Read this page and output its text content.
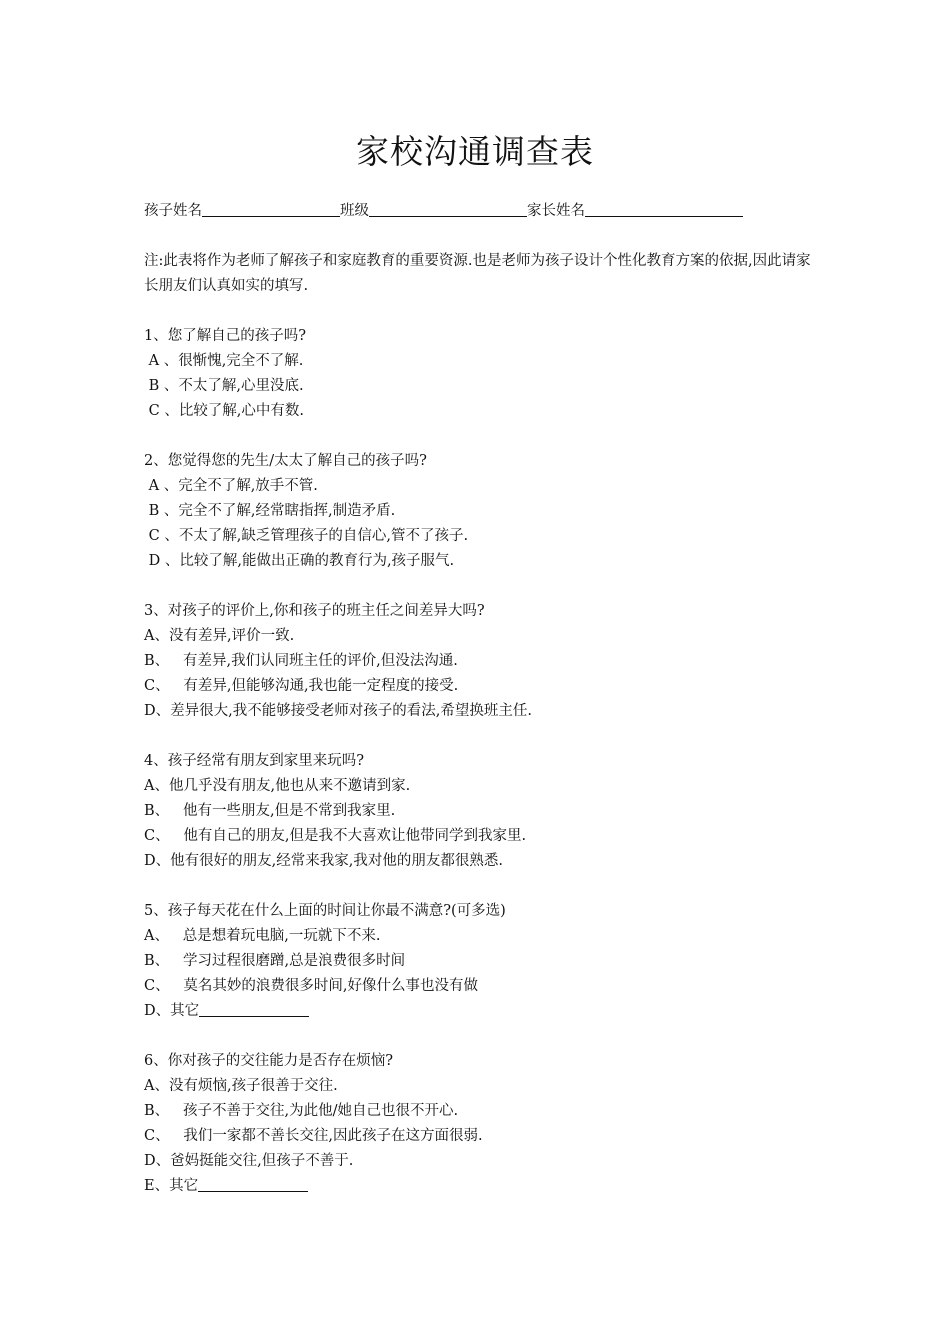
家校沟通调查表
孩子姓名	班级	家长姓名
注:此表将作为老师了解孩子和家庭教育的重要资源.也是老师为孩子设计个性化教育方案的依据,因此请家长朋友们认真如实的填写.
1、您了解自己的孩子吗?
A 、很惭愧,完全不了解.
B 、不太了解,心里没底.
C 、比较了解,心中有数.
2、您觉得您的先生/太太了解自己的孩子吗?
A 、完全不了解,放手不管.
B 、完全不了解,经常瞎指挥,制造矛盾.
C 、不太了解,缺乏管理孩子的自信心,管不了孩子.
D 、比较了解,能做出正确的教育行为,孩子服气.
3、对孩子的评价上,你和孩子的班主任之间差异大吗?
A、没有差异,评价一致.
B、   有差异,我们认同班主任的评价,但没法沟通.
C、   有差异,但能够沟通,我也能一定程度的接受.
D、差异很大,我不能够接受老师对孩子的看法,希望换班主任.
4、孩子经常有朋友到家里来玩吗?
A、他几乎没有朋友,他也从来不邀请到家.
B、   他有一些朋友,但是不常到我家里.
C、   他有自己的朋友,但是我不大喜欢让他带同学到我家里.
D、他有很好的朋友,经常来我家,我对他的朋友都很熟悉.
5、孩子每天花在什么上面的时间让你最不满意?(可多选)
A、   总是想着玩电脑,一玩就下不来.
B、   学习过程很磨蹭,总是浪费很多时间
C、   莫名其妙的浪费很多时间,好像什么事也没有做
D、其它
6、你对孩子的交往能力是否存在烦恼?
A、没有烦恼,孩子很善于交往.
B、   孩子不善于交往,为此他/她自己也很不开心.
C、   我们一家都不善长交往,因此孩子在这方面很弱.
D、爸妈挺能交往,但孩子不善于.
E、其它
